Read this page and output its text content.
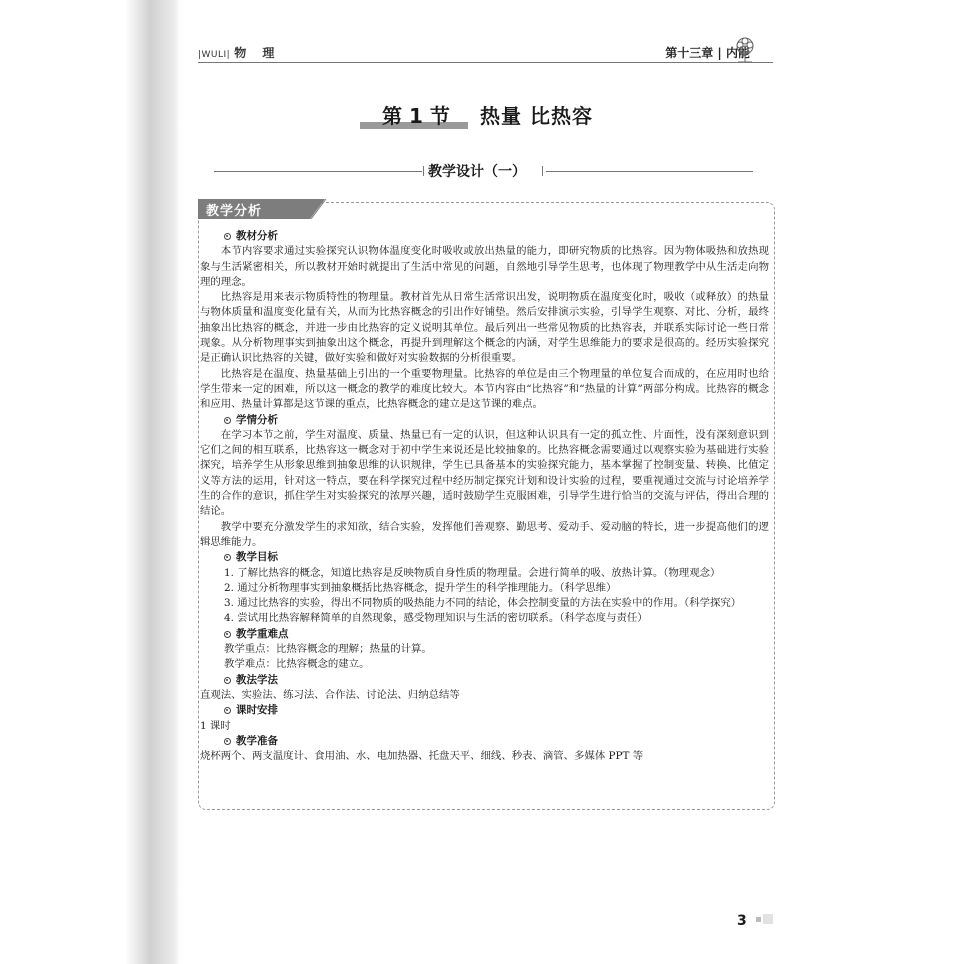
|WULI| 物 理	第十三章 | 内能
第 1 节 热量 比热容
教学设计（一）
教学分析
教材分析
本节内容要求通过实验探究认识物体温度变化时吸收或放出热量的能力，即研究物质的比热容。因为物体吸热和放热现象与生活紧密相关，所以教材开始时就提出了生活中常见的问题，自然地引导学生思考，也体现了物理教学中从生活走向物理的理念。
比热容是用来表示物质特性的物理量。教材首先从日常生活常识出发，说明物质在温度变化时，吸收（或释放）的热量与物体质量和温度变化量有关，从而为比热容概念的引出作好铺垫。然后安排演示实验，引导学生观察、对比、分析，最终抽象出比热容的概念，并进一步由比热容的定义说明其单位。最后列出一些常见物质的比热容表，并联系实际讨论一些日常现象。从分析物理事实到抽象出这个概念，再提升到理解这个概念的内涵，对学生思维能力的要求是很高的。经历实验探究是正确认识比热容的关键，做好实验和做好对实验数据的分析很重要。
比热容是在温度、热量基础上引出的一个重要物理量。比热容的单位是由三个物理量的单位复合而成的，在应用时也给学生带来一定的困难，所以这一概念的教学的难度比较大。本节内容由“比热容”和“热量的计算”两部分构成。比热容的概念和应用、热量计算都是这节课的重点，比热容概念的建立是这节课的难点。
学情分析
在学习本节之前，学生对温度、质量、热量已有一定的认识，但这种认识具有一定的孤立性、片面性，没有深刻意识到它们之间的相互联系，比热容这一概念对于初中学生来说还是比较抽象的。比热容概念需要通过以观察实验为基础进行实验探究，培养学生从形象思维到抽象思维的认识规律，学生已具备基本的实验探究能力，基本掌握了控制变量、转换、比值定义等方法的运用，针对这一特点，要在科学探究过程中经历制定探究计划和设计实验的过程，要重视通过交流与讨论培养学生的合作的意识，抓住学生对实验探究的浓厚兴趣，适时鼓励学生克服困难，引导学生进行恰当的交流与评估，得出合理的结论。
教学中要充分激发学生的求知欲，结合实验，发挥他们善观察、勤思考、爱动手、爱动脑的特长，进一步提高他们的逻辑思维能力。
教学目标
1. 了解比热容的概念，知道比热容是反映物质自身性质的物理量。会进行简单的吸、放热计算。（物理观念）
2. 通过分析物理事实到抽象概括比热容概念，提升学生的科学推理能力。（科学思维）
3. 通过比热容的实验，得出不同物质的吸热能力不同的结论，体会控制变量的方法在实验中的作用。（科学探究）
4. 尝试用比热容解释简单的自然现象，感受物理知识与生活的密切联系。（科学态度与责任）
教学重难点
教学重点：比热容概念的理解；热量的计算。
教学难点：比热容概念的建立。
教法学法
直观法、实验法、练习法、合作法、讨论法、归纳总结等
课时安排
1 课时
教学准备
烧杯两个、两支温度计、食用油、水、电加热器、托盘天平、细线、秒表、滴管、多媒体 PPT 等
3
